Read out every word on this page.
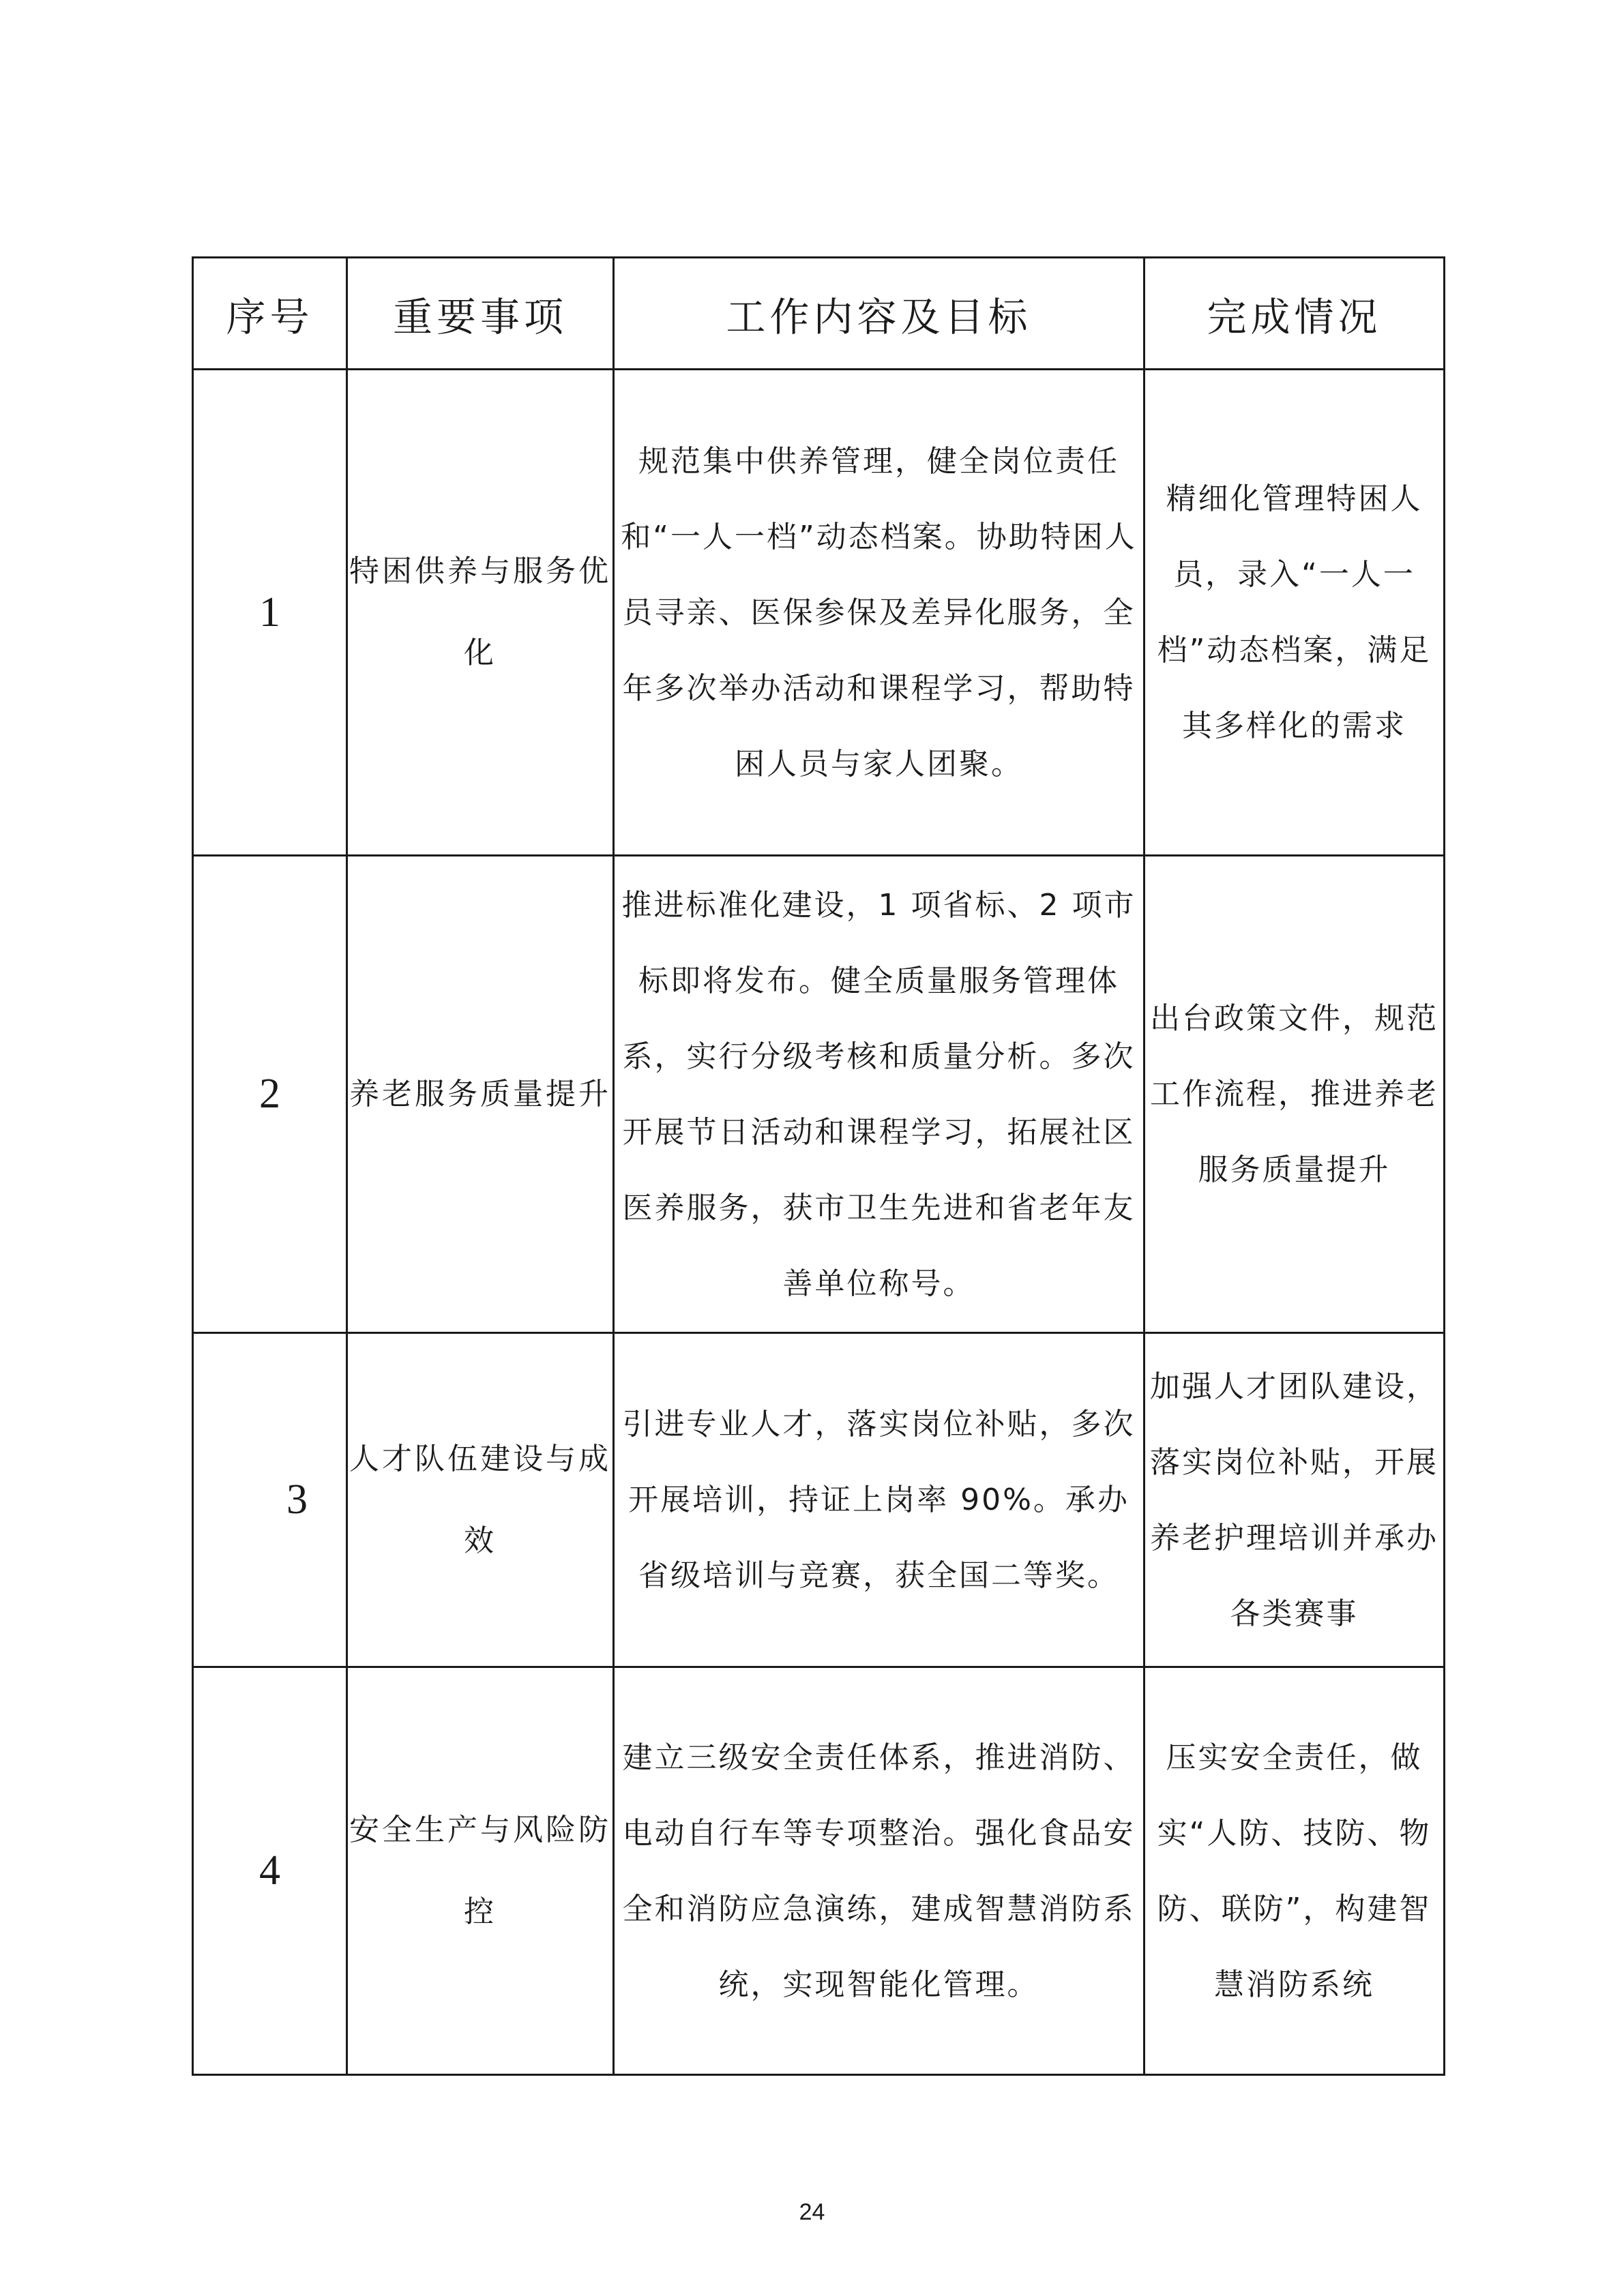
序号	重要事项	工作内容及目标	完成情况
1	特困供养与服务优化	规范集中供养管理，健全岗位责任和“一人一档”动态档案。协助特困人员寻亲、医保参保及差异化服务，全年多次举办活动和课程学习，帮助特困人员与家人团聚。	精细化管理特困人员，录入“一人一档”动态档案，满足其多样化的需求
2	养老服务质量提升	推进标准化建设，1 项省标、2 项市标即将发布。健全质量服务管理体系，实行分级考核和质量分析。多次开展节日活动和课程学习，拓展社区医养服务，获市卫生先进和省老年友善单位称号。	出台政策文件，规范工作流程，推进养老服务质量提升
3	人才队伍建设与成效	引进专业人才，落实岗位补贴，多次开展培训，持证上岗率 90%。承办省级培训与竞赛，获全国二等奖。	加强人才团队建设，落实岗位补贴，开展养老护理培训并承办各类赛事
4	安全生产与风险防控	建立三级安全责任体系，推进消防、电动自行车等专项整治。强化食品安全和消防应急演练，建成智慧消防系统，实现智能化管理。	压实安全责任，做实“人防、技防、物防、联防”，构建智慧消防系统
24
